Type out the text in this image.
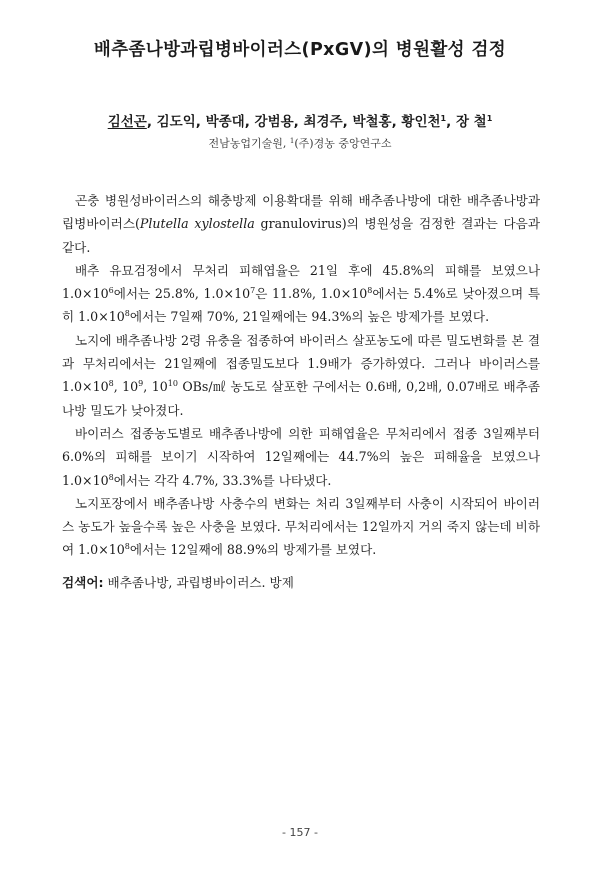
배추좀나방과립병바이러스(PxGV)의 병원활성 검정
김선곤, 김도익, 박종대, 강범용, 최경주, 박철홍, 황인천$^1$, 장 철$^1$
전남농업기술원, $^1$(주)경농 중앙연구소

곤충 병원성바이러스의 해충방제 이용확대를 위해 배추좀나방에 대한 배추좀나방과립병바이러스(Plutella xylostella granulovirus)의 병원성을 검정한 결과는 다음과 같다.

배추 유묘검정에서 무처리 피해엽율은 21일 후에 45.8%의 피해를 보였으나 $1.0\times 10^6$에서는 25.8%, $1.0\times 10^7$은 11.8%, $1.0\times 10^8$에서는 5.4%로 낮아졌으며 특히 $1.0\times 10^8$에서는 7일째 70%, 21일째에는 94.3%의 높은 방제가를 보였다.

노지에 배추좀나방 2령 유충을 접종하여 바이러스 살포농도에 따른 밀도변화를 본 결과 무처리에서는 21일째에 접종밀도보다 1.9배가 증가하였다. 그러나 바이러스를 $1.0\times 10^8$, $10^9$, $10^{10}$ OBs/㎖ 농도로 살포한 구에서는 0.6배, 0,2배, 0.07배로 배추좀나방 밀도가 낮아졌다.

바이러스 접종농도별로 배추좀나방에 의한 피해엽율은 무처리에서 접종 3일째부터 6.0%의 피해를 보이기 시작하여 12일째에는 44.7%의 높은 피해율을 보였으나 $1.0\times 10^8$에서는 각각 4.7%, 33.3%를 나타냈다.

노지포장에서 배추좀나방 사충수의 변화는 처리 3일째부터 사충이 시작되어 바이러스 농도가 높을수록 높은 사충을 보였다. 무처리에서는 12일까지 거의 죽지 않는데 비하여 $1.0\times 10^8$에서는 12일째에 88.9%의 방제가를 보였다.

검색어: 배추좀나방, 과립병바이러스. 방제
- 157 -
